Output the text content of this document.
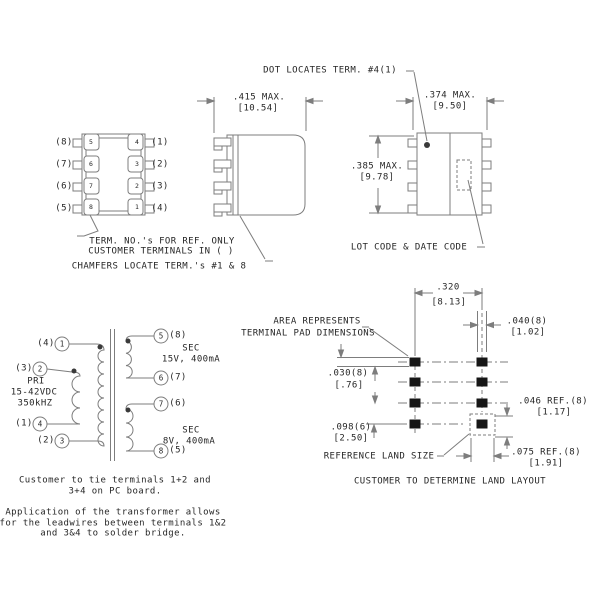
(8)
(7)
(6)
(5)
(1)
(2)
(3)
(4)
5
6
7
8
4
3
2
1
TERM. NO.'s FOR REF. ONLY
CUSTOMER TERMINALS IN ( )
CHAMFERS LOCATE TERM.'s #1 & 8
.415 MAX.
[10.54]
DOT LOCATES TERM. #4(1)
.374 MAX.
[9.50]
.385 MAX.
[9.78]
LOT CODE & DATE CODE
1
2
4
3
5
6
7
8
(4)
(3)
(1)
(2)
(8)
(7)
(6)
(5)
PRI
15-42VDC
350kHZ
SEC
15V, 400mA
SEC
8V, 400mA
Customer to tie terminals 1+2 and
3+4 on PC board.
Application of the transformer allows
for the leadwires between terminals 1&2
and 3&4 to solder bridge.
AREA REPRESENTS
TERMINAL PAD DIMENSIONS
.320
[8.13]
.040(8)
[1.02]
.030(8)
[.76]
.098(6)
[2.50]
.046 REF.(8)
[1.17]
.075 REF.(8)
[1.91]
REFERENCE LAND SIZE
CUSTOMER TO DETERMINE LAND LAYOUT
